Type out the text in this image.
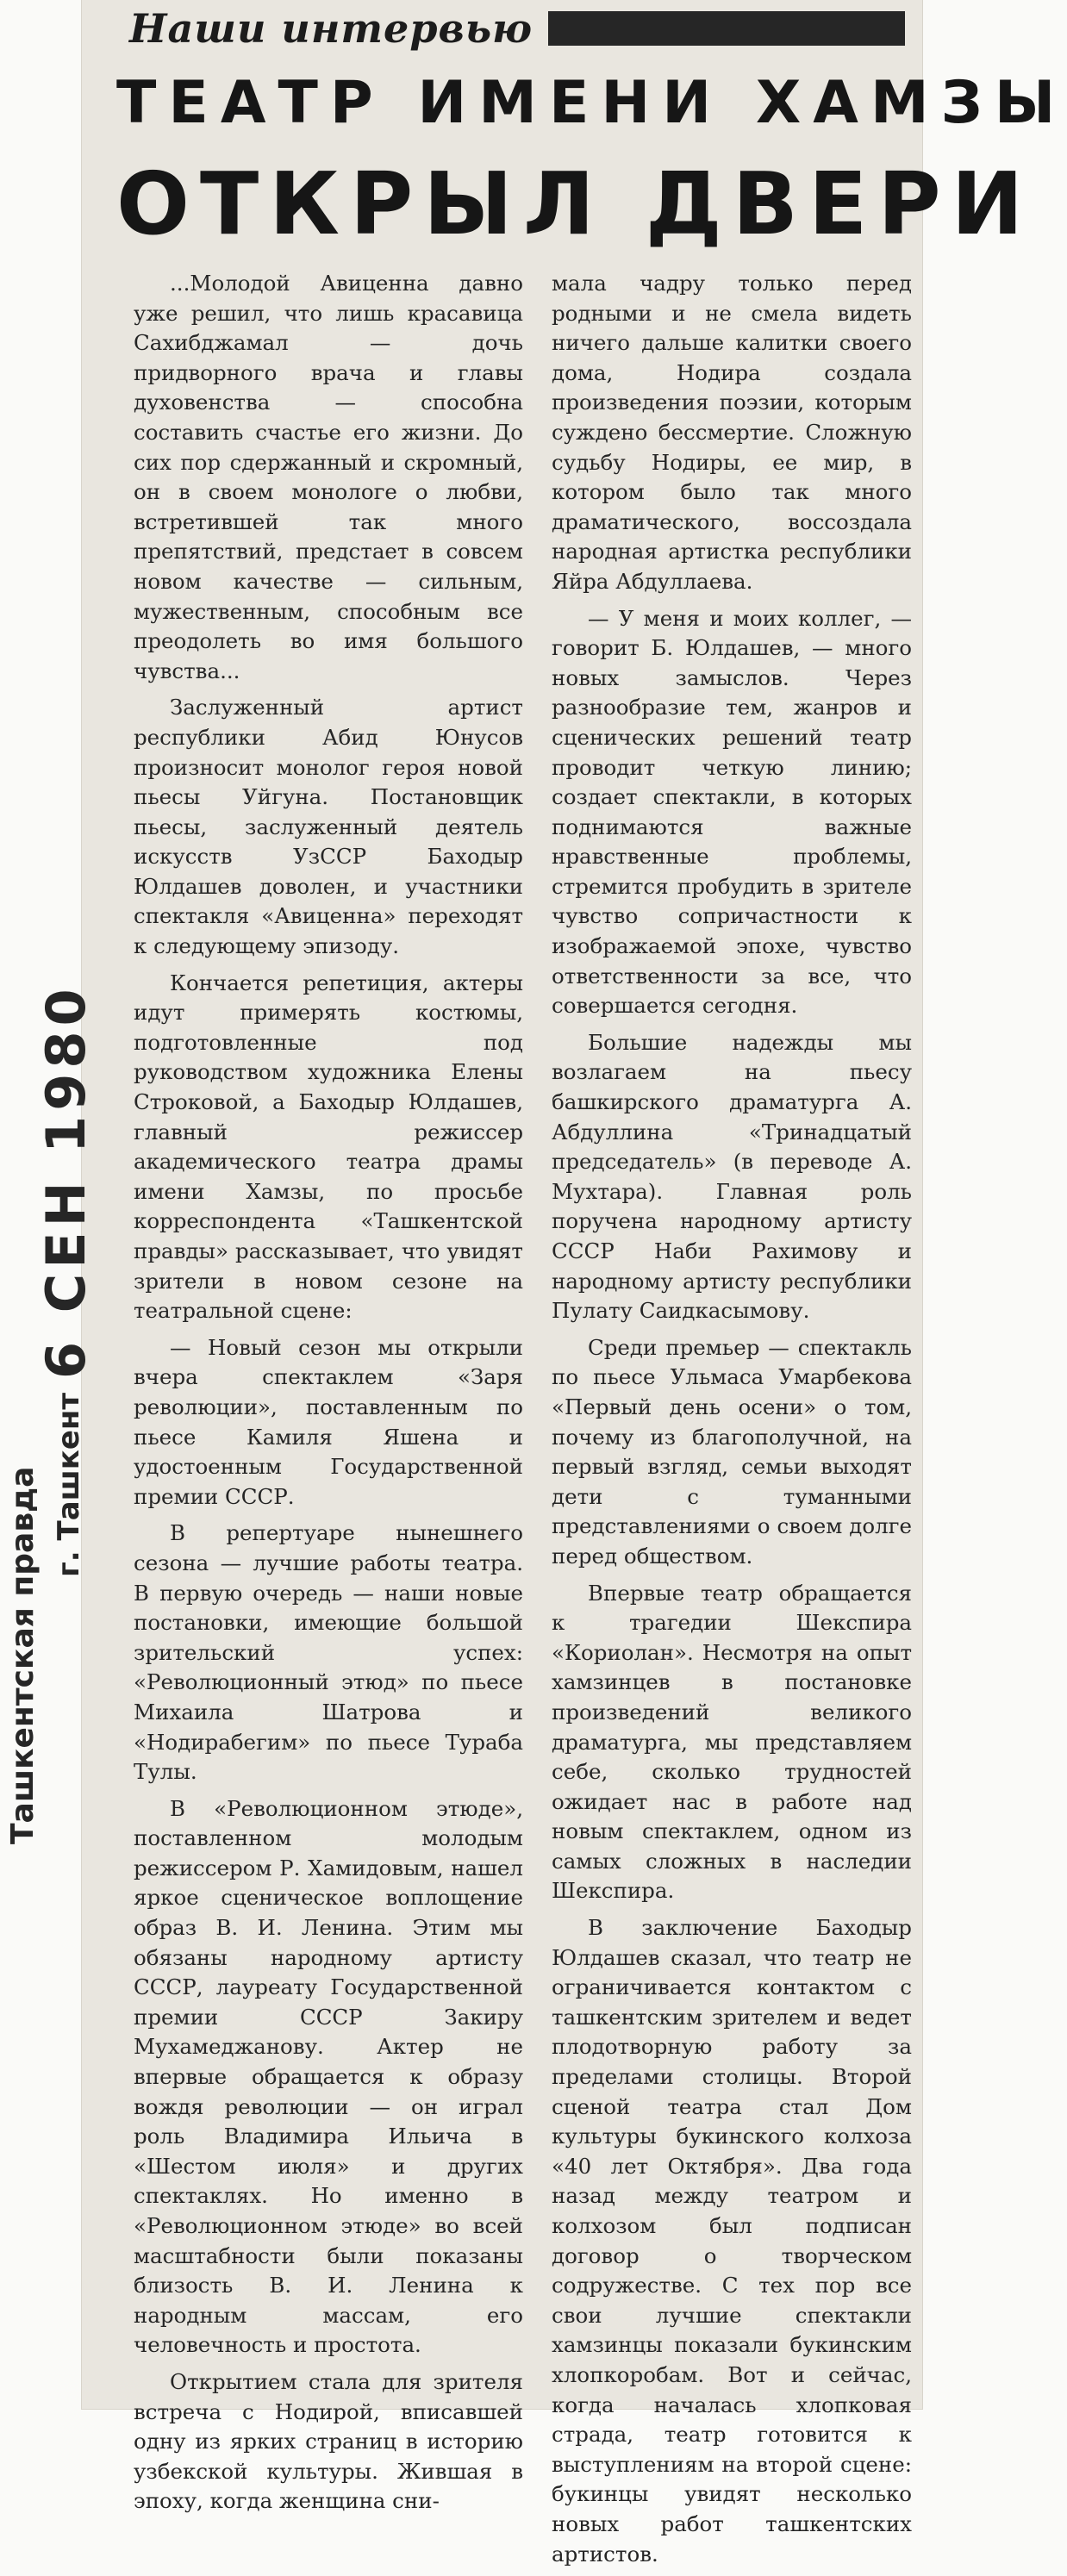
Наши интервью
ТЕАТР ИМЕНИ ХАМЗЫ
ОТКРЫЛ ДВЕРИ

...Молодой Авиценна давно уже решил, что лишь красавица Сахибджамал — дочь придворного врача и главы духовенства — способна составить счастье его жизни. До сих пор сдержанный и скромный, он в своем монологе о любви, встретившей так много препятствий, предстает в совсем новом качестве — сильным, мужественным, способным все преодолеть во имя большого чувства...

Заслуженный артист республики Абид Юнусов произносит монолог героя новой пьесы Уйгуна. Постановщик пьесы, заслуженный деятель искусств УзССР Баходыр Юлдашев доволен, и участники спектакля «Авиценна» переходят к следующему эпизоду.

Кончается репетиция, актеры идут примерять костюмы, подготовленные под руководством художника Елены Строковой, а Баходыр Юлдашев, главный режиссер академического театра драмы имени Хамзы, по просьбе корреспондента «Ташкентской правды» рассказывает, что увидят зрители в новом сезоне на театральной сцене:

— Новый сезон мы открыли вчера спектаклем «Заря революции», поставленным по пьесе Камиля Яшена и удостоенным Государственной премии СССР.

В репертуаре нынешнего сезона — лучшие работы театра. В первую очередь — наши новые постановки, имеющие большой зрительский успех: «Революционный этюд» по пьесе Михаила Шатрова и «Нодирабегим» по пьесе Тураба Тулы.

В «Революционном этюде», поставленном молодым режиссером Р. Хамидовым, нашел яркое сценическое воплощение образ В. И. Ленина. Этим мы обязаны народному артисту СССР, лауреату Государственной премии СССР Закиру Мухамеджанову. Актер не впервые обращается к образу вождя революции — он играл роль Владимира Ильича в «Шестом июля» и других спектаклях. Но именно в «Революционном этюде» во всей масштабности были показаны близость В. И. Ленина к народным массам, его человечность и простота.

Открытием стала для зрителя встреча с Нодирой, вписавшей одну из ярких страниц в историю узбекской культуры. Жившая в эпоху, когда женщина сни-

мала чадру только перед родными и не смела видеть ничего дальше калитки своего дома, Нодира создала произведения поэзии, которым суждено бессмертие. Сложную судьбу Нодиры, ее мир, в котором было так много драматического, воссоздала народная артистка республики Яйра Абдуллаева.

— У меня и моих коллег, — говорит Б. Юлдашев, — много новых замыслов. Через разнообразие тем, жанров и сценических решений театр проводит четкую линию; создает спектакли, в которых поднимаются важные нравственные проблемы, стремится пробудить в зрителе чувство сопричастности к изображаемой эпохе, чувство ответственности за все, что совершается сегодня.

Большие надежды мы возлагаем на пьесу башкирского драматурга А. Абдуллина «Тринадцатый председатель» (в переводе А. Мухтара). Главная роль поручена народному артисту СССР Наби Рахимову и народному артисту республики Пулату Саидкасымову.

Среди премьер — спектакль по пьесе Ульмаса Умарбекова «Первый день осени» о том, почему из благополучной, на первый взгляд, семьи выходят дети с туманными представлениями о своем долге перед обществом.

Впервые театр обращается к трагедии Шекспира «Кориолан». Несмотря на опыт хамзинцев в постановке произведений великого драматурга, мы представляем себе, сколько трудностей ожидает нас в работе над новым спектаклем, одном из самых сложных в наследии Шекспира.

В заключение Баходыр Юлдашев сказал, что театр не ограничивается контактом с ташкентским зрителем и ведет плодотворную работу за пределами столицы. Второй сценой театра стал Дом культуры букинского колхоза «40 лет Октября». Два года назад между театром и колхозом был подписан договор о творческом содружестве. С тех пор все свои лучшие спектакли хамзинцы показали букинским хлопкоробам. Вот и сейчас, когда началась хлопковая страда, театр готовится к выступлениям на второй сцене: букинцы увидят несколько новых работ ташкентских артистов.

Ташкентская правда г. Ташкент
6 СЕН 1980
